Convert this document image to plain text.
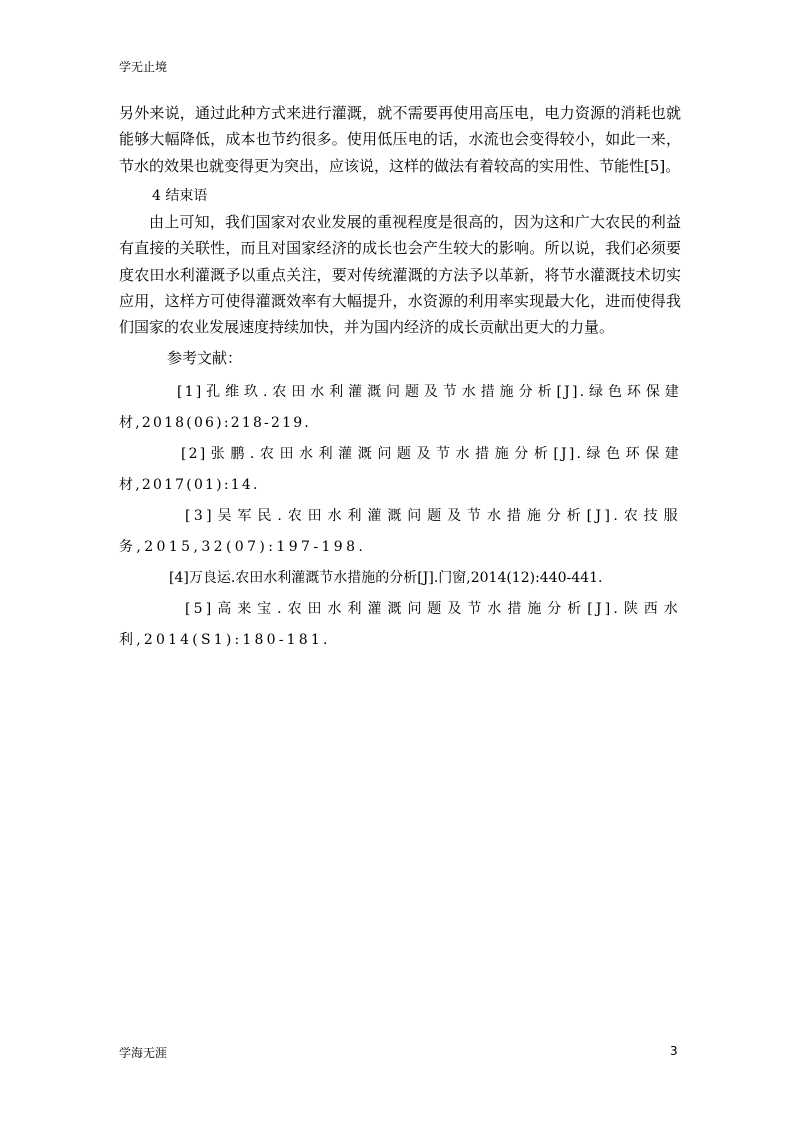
学无止境

另外来说，通过此种方式来进行灌溉，就不需要再使用高压电，电力资源的消耗也就能够大幅降低，成本也节约很多。使用低压电的话，水流也会变得较小，如此一来，节水的效果也就变得更为突出，应该说，这样的做法有着较高的实用性、节能性[5]。

4 结束语

由上可知，我们国家对农业发展的重视程度是很高的，因为这和广大农民的利益有直接的关联性，而且对国家经济的成长也会产生较大的影响。所以说，我们必须要度农田水利灌溉予以重点关注，要对传统灌溉的方法予以革新，将节水灌溉技术切实应用，这样方可使得灌溉效率有大幅提升，水资源的利用率实现最大化，进而使得我们国家的农业发展速度持续加快，并为国内经济的成长贡献出更大的力量。

参考文献：

[1]孔维玖.农田水利灌溉问题及节水措施分析[J].绿色环保建材,2018(06):218-219.

[2]张鹏.农田水利灌溉问题及节水措施分析[J].绿色环保建材,2017(01):14.

[3]吴军民.农田水利灌溉问题及节水措施分析[J].农技服务,2015,32(07):197-198.

[4]万良运.农田水利灌溉节水措施的分析[J].门窗,2014(12):440-441.

[5]高来宝.农田水利灌溉问题及节水措施分析[J].陕西水利,2014(S1):180-181.

学海无涯	3
